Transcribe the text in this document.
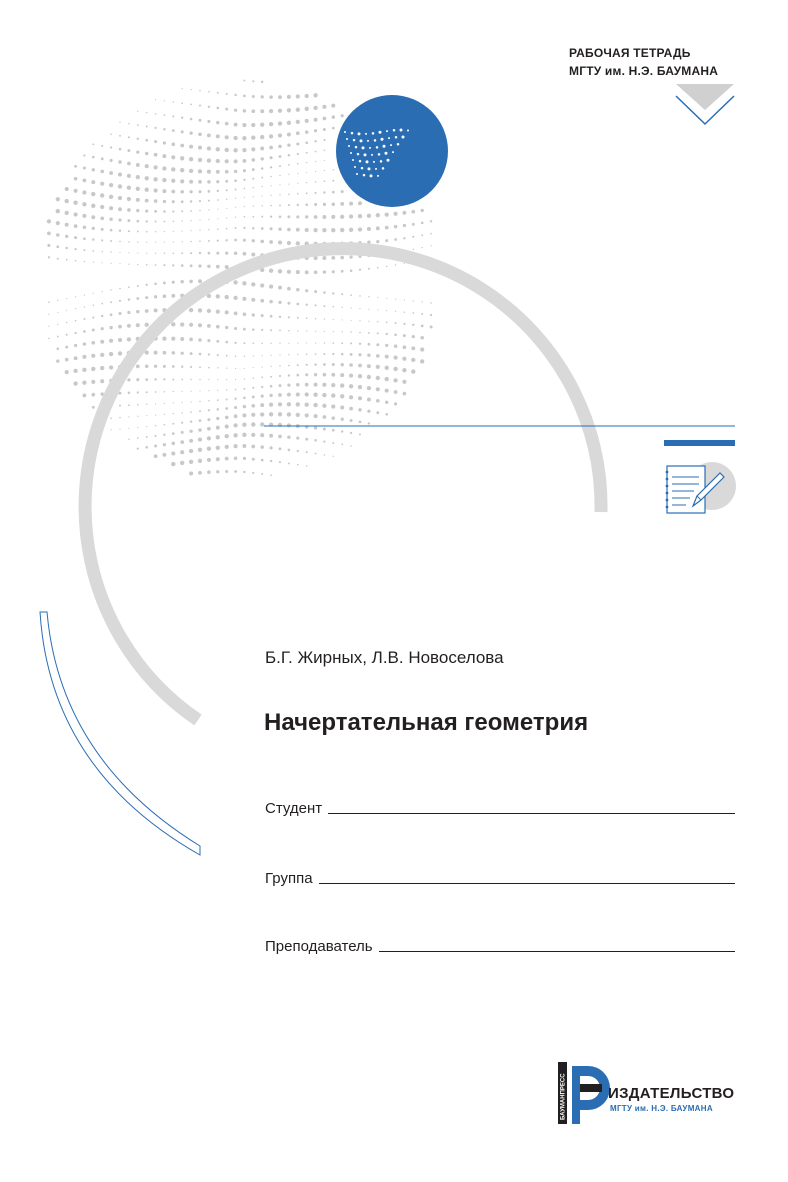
БАУМАНПРЕСС
РАБОЧАЯ ТЕТРАДЬ
МГТУ им. Н.Э. БАУМАНА
Б.Г. Жирных, Л.В. Новоселова
Начертательная геометрия
Студент
Группа
Преподаватель
ИЗДАТЕЛЬСТВО
МГТУ им. Н.Э. БАУМАНА
